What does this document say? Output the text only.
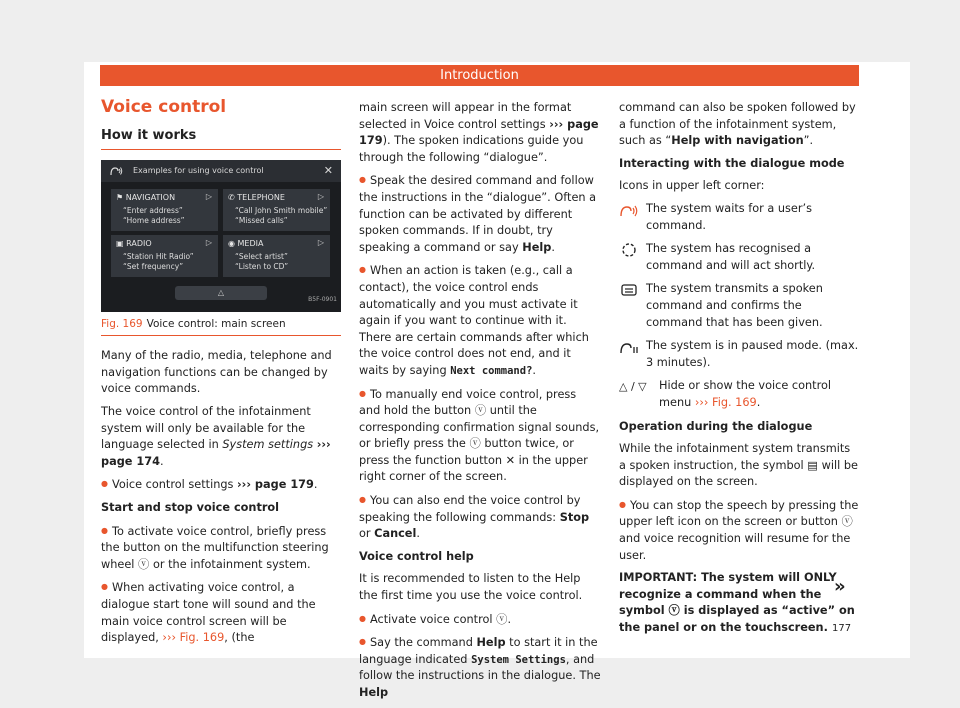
Introduction
Voice control
How it works
Examples for using voice control	✕
⚑ NAVIGATION	▷
“Enter address”
“Home address”
✆ TELEPHONE	▷
“Call John Smith mobile”
“Missed calls”
▣ RADIO	▷
“Station Hit Radio”
“Set frequency”
◉ MEDIA	▷
“Select artist”
“Listen to CD”
△
B5F-0901
Fig. 169 Voice control: main screen

Many of the radio, media, telephone and navigation functions can be changed by voice commands.

The voice control of the infotainment system will only be available for the language selected in System settings ››› page 174.

● Voice control settings ››› page 179.

Start and stop voice control

● To activate voice control, briefly press the button on the multifunction steering wheel ⓥ or the infotainment system.

● When activating voice control, a dialogue start tone will sound and the main voice control screen will be displayed, ››› Fig. 169, (the

main screen will appear in the format selected in Voice control settings ››› page 179). The spoken indications guide you through the following “dialogue”.

● Speak the desired command and follow the instructions in the “dialogue”. Often a function can be activated by different spoken commands. If in doubt, try speaking a command or say Help.

● When an action is taken (e.g., call a contact), the voice control ends automatically and you must activate it again if you want to continue with it. There are certain commands after which the voice control does not end, and it waits by saying Next command?.

● To manually end voice control, press and hold the button ⓥ until the corresponding confirmation signal sounds, or briefly press the ⓥ button twice, or press the function button ✕ in the upper right corner of the screen.

● You can also end the voice control by speaking the following commands: Stop or Cancel.

Voice control help

It is recommended to listen to the Help the first time you use the voice control.

● Activate voice control ⓥ.

● Say the command Help to start it in the language indicated System Settings, and follow the instructions in the dialogue. The Help

command can also be spoken followed by a function of the infotainment system, such as “Help with navigation”.

Interacting with the dialogue mode

Icons in upper left corner:

The system waits for a user’s command.
The system has recognised a command and will act shortly.
The system transmits a spoken command and confirms the command that has been given.
The system is in paused mode. (max. 3 minutes).
△ / ▽	Hide or show the voice control menu ››› Fig. 169.

Operation during the dialogue

While the infotainment system transmits a spoken instruction, the symbol ▤ will be displayed on the screen.

● You can stop the speech by pressing the upper left icon on the screen or button ⓥ and voice recognition will resume for the user.

IMPORTANT: The system will ONLY recognize a command when the symbol ⓥ is displayed as “active” on the panel or on the touchscreen.

»
177
